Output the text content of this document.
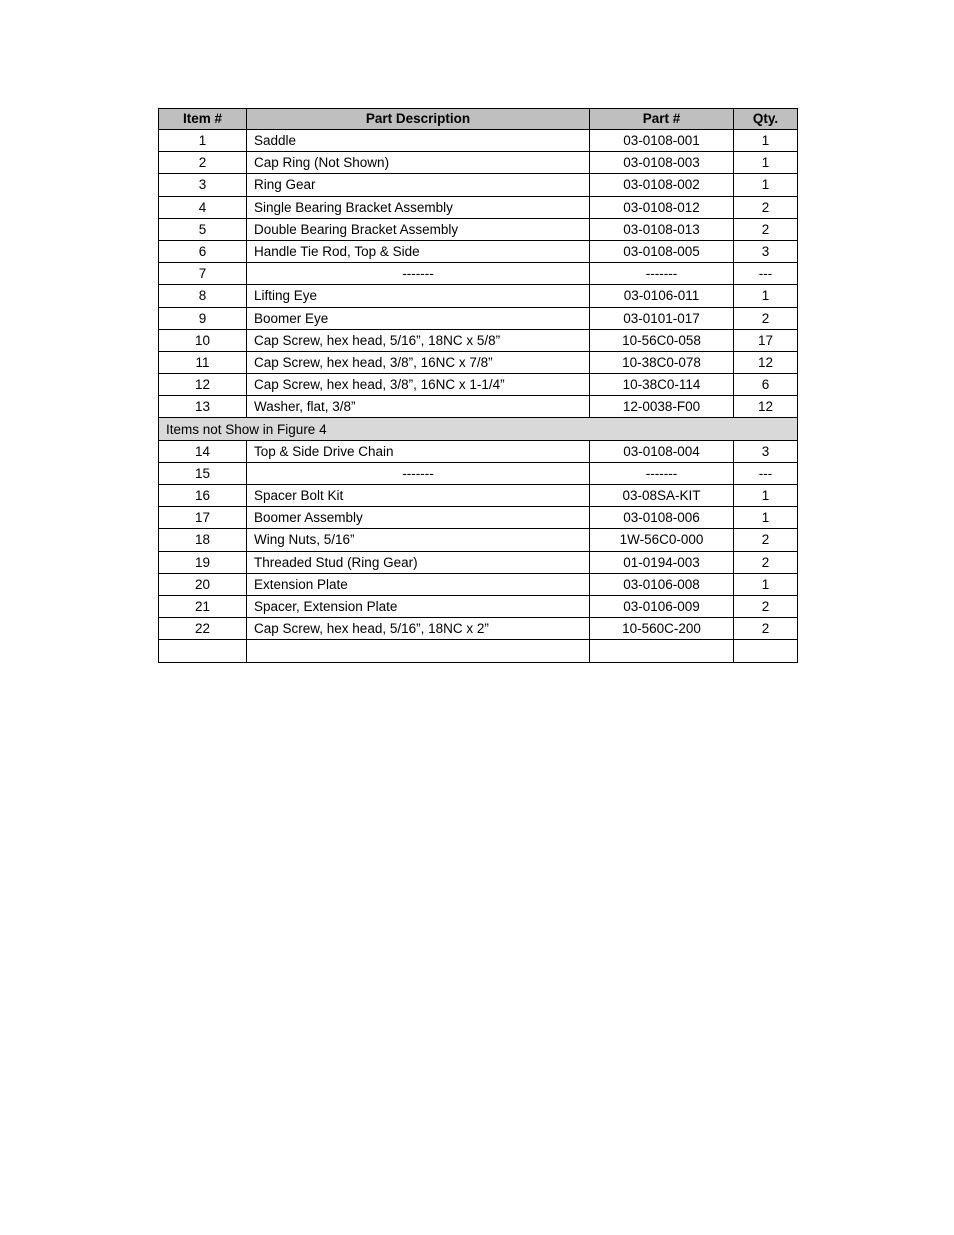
Item #	Part Description	Part #	Qty.
1	Saddle	03-0108-001	1
2	Cap Ring (Not Shown)	03-0108-003	1
3	Ring Gear	03-0108-002	1
4	Single Bearing Bracket Assembly	03-0108-012	2
5	Double Bearing Bracket Assembly	03-0108-013	2
6	Handle Tie Rod, Top & Side	03-0108-005	3
7	-------	-------	---
8	Lifting Eye	03-0106-011	1
9	Boomer Eye	03-0101-017	2
10	Cap Screw, hex head, 5/16”, 18NC x 5/8”	10-56C0-058	17
11	Cap Screw, hex head, 3/8”, 16NC x 7/8”	10-38C0-078	12
12	Cap Screw, hex head, 3/8”, 16NC x 1-1/4”	10-38C0-114	6
13	Washer, flat, 3/8”	12-0038-F00	12
Items not Show in Figure 4			
14	Top & Side Drive Chain	03-0108-004	3
15	-------	-------	---
16	Spacer Bolt Kit	03-08SA-KIT	1
17	Boomer Assembly	03-0108-006	1
18	Wing Nuts, 5/16”	1W-56C0-000	2
19	Threaded Stud (Ring Gear)	01-0194-003	2
20	Extension Plate	03-0106-008	1
21	Spacer, Extension Plate	03-0106-009	2
22	Cap Screw, hex head, 5/16”, 18NC x 2”	10-560C-200	2
